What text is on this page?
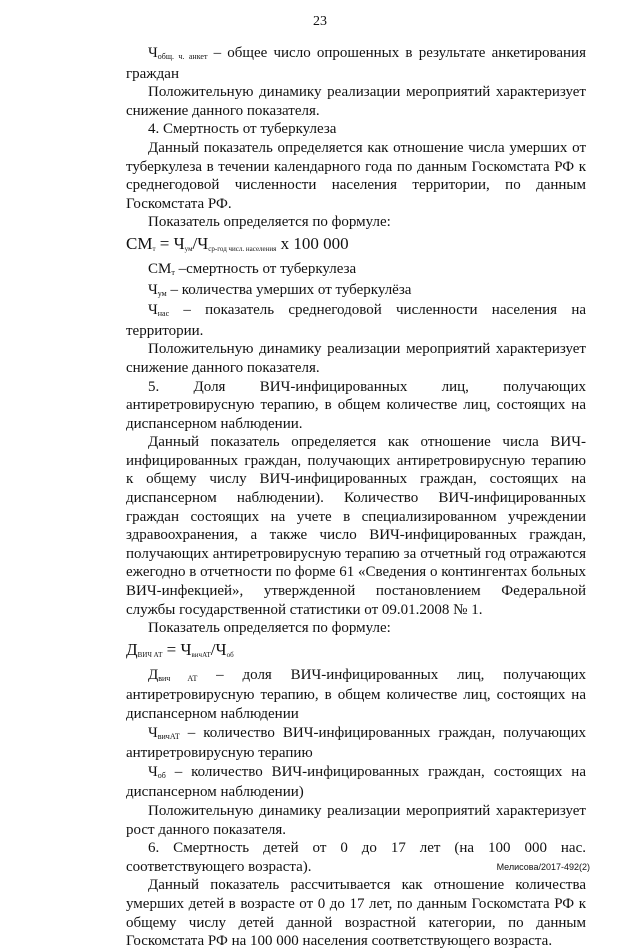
23

$Ч_{общ. ч. анкет}$ – общее число опрошенных в результате анкетирования граждан

Положительную динамику реализации мероприятий характеризует снижение данного показателя.

4. Смертность от туберкулеза

Данный показатель определяется как отношение числа умерших от туберкулеза в течении календарного года по данным Госкомстата РФ к среднегодовой численности населения территории, по данным Госкомстата РФ.

Показатель определяется по формуле:

$СМ_т = Ч_{ум}/Ч_{ср-год числ. населения}$ х 100 000

$СМ_т$ –смертность от туберкулеза

$Ч_{ум}$ – количества умерших от туберкулёза

$Ч_{нас}$ – показатель среднегодовой численности населения на территории.

Положительную динамику реализации мероприятий характеризует снижение данного показателя.

5. Доля ВИЧ-инфицированных лиц, получающих антиретровирусную терапию, в общем количестве лиц, состоящих на диспансерном наблюдении.

Данный показатель определяется как отношение числа ВИЧ-инфицированных граждан, получающих антиретровирусную терапию к общему числу ВИЧ-инфицированных граждан, состоящих на диспансерном наблюдении). Количество ВИЧ-инфицированных граждан состоящих на учете в специализированном учреждении здравоохранения, а также число ВИЧ-инфицированных граждан, получающих антиретровирусную терапию за отчетный год отражаются ежегодно в отчетности по форме 61 «Сведения о контингентах больных ВИЧ-инфекцией», утвержденной постановлением Федеральной службы государственной статистики от 09.01.2008 № 1.

Показатель определяется по формуле:

$Д_{ВИЧ АТ} = Ч_{вичАТ}/Ч_{об}$

$Д_{вич АТ}$ – доля ВИЧ-инфицированных лиц, получающих антиретровирусную терапию, в общем количестве лиц, состоящих на диспансерном наблюдении

$Ч_{вичАТ}$ – количество ВИЧ-инфицированных граждан, получающих антиретровирусную терапию

$Ч_{об}$ – количество ВИЧ-инфицированных граждан, состоящих на диспансерном наблюдении)

Положительную динамику реализации мероприятий характеризует рост данного показателя.

6. Смертность детей от 0 до 17 лет (на 100 000 нас. соответствующего возраста).

Данный показатель рассчитывается как отношение количества умерших детей в возрасте от 0 до 17 лет, по данным Госкомстата РФ к общему числу детей данной возрастной категории, по данным Госкомстата РФ на 100 000 населения соответствующего возраста.

Мелисова/2017-492(2)
